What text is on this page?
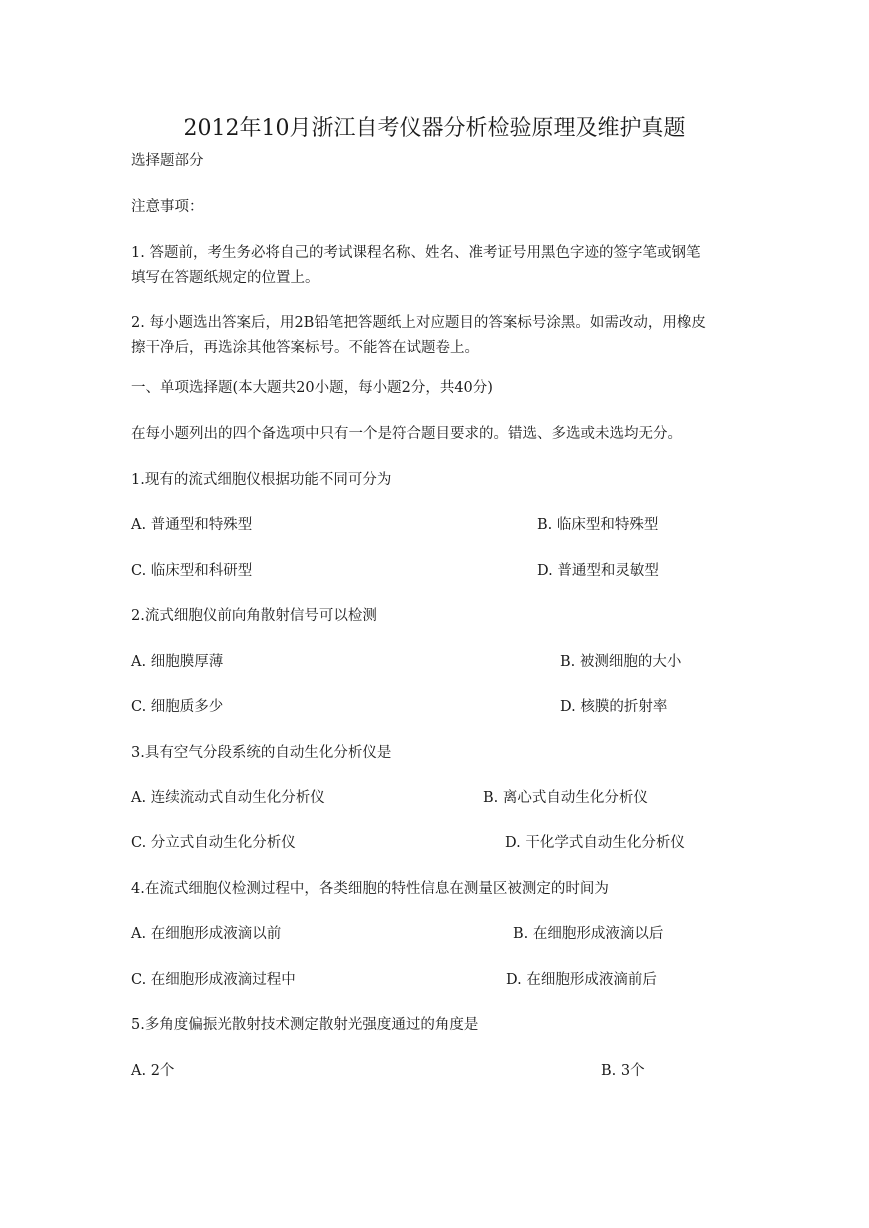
2012年10月浙江自考仪器分析检验原理及维护真题
选择题部分
注意事项：
1. 答题前，考生务必将自己的考试课程名称、姓名、准考证号用黑色字迹的签字笔或钢笔
填写在答题纸规定的位置上。
2. 每小题选出答案后，用2B铅笔把答题纸上对应题目的答案标号涂黑。如需改动，用橡皮
擦干净后，再选涂其他答案标号。不能答在试题卷上。
一、单项选择题(本大题共20小题，每小题2分，共40分)
在每小题列出的四个备选项中只有一个是符合题目要求的。错选、多选或未选均无分。
1.现有的流式细胞仪根据功能不同可分为
A. 普通型和特殊型	B. 临床型和特殊型
C. 临床型和科研型	D. 普通型和灵敏型
2.流式细胞仪前向角散射信号可以检测
A. 细胞膜厚薄	B. 被测细胞的大小
C. 细胞质多少	D. 核膜的折射率
3.具有空气分段系统的自动生化分析仪是
A. 连续流动式自动生化分析仪	B. 离心式自动生化分析仪
C. 分立式自动生化分析仪	D. 干化学式自动生化分析仪
4.在流式细胞仪检测过程中，各类细胞的特性信息在测量区被测定的时间为
A. 在细胞形成液滴以前	B. 在细胞形成液滴以后
C. 在细胞形成液滴过程中	D. 在细胞形成液滴前后
5.多角度偏振光散射技术测定散射光强度通过的角度是
A. 2个	B. 3个
